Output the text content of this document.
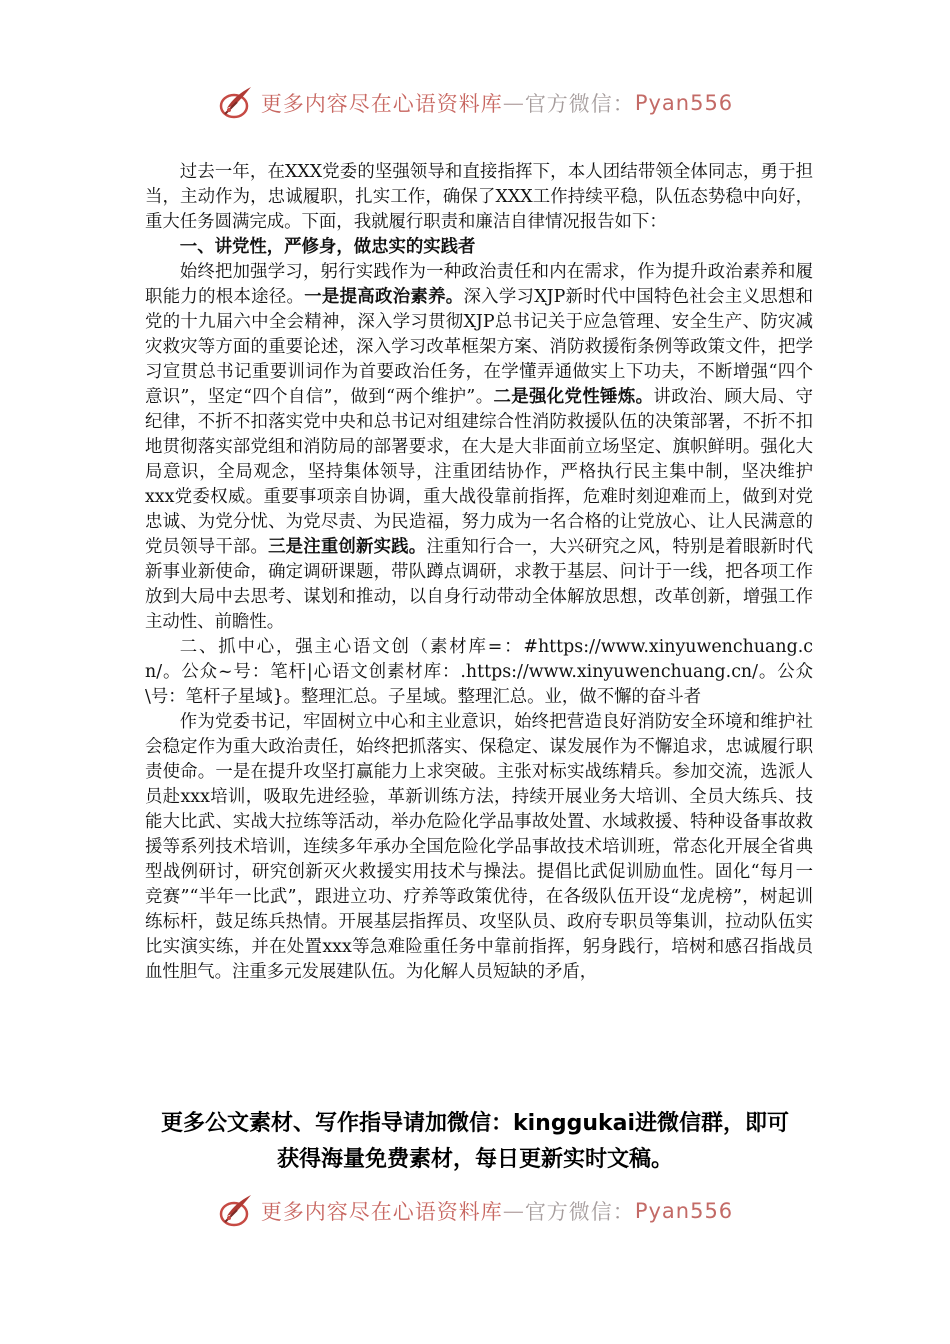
更多内容尽在心语资料库 — 官方微信： Pyan556

过去一年，在XXX党委的坚强领导和直接指挥下，本人团结带领全体同志，勇于担当，主动作为，忠诚履职，扎实工作，确保了XXX工作持续平稳，队伍态势稳中向好，重大任务圆满完成。下面，我就履行职责和廉洁自律情况报告如下：

一、讲党性，严修身，做忠实的实践者

始终把加强学习，躬行实践作为一种政治责任和内在需求，作为提升政治素养和履职能力的根本途径。一是提高政治素养。深入学习XJP新时代中国特色社会主义思想和党的十九届六中全会精神，深入学习贯彻XJP总书记关于应急管理、安全生产、防灾减灾救灾等方面的重要论述，深入学习改革框架方案、消防救援衔条例等政策文件，把学习宣贯总书记重要训词作为首要政治任务，在学懂弄通做实上下功夫，不断增强“四个意识”，坚定“四个自信”，做到“两个维护”。二是强化党性锤炼。讲政治、顾大局、守纪律，不折不扣落实党中央和总书记对组建综合性消防救援队伍的决策部署，不折不扣地贯彻落实部党组和消防局的部署要求，在大是大非面前立场坚定、旗帜鲜明。强化大局意识，全局观念，坚持集体领导，注重团结协作，严格执行民主集中制，坚决维护xxx党委权威。重要事项亲自协调，重大战役靠前指挥，危难时刻迎难而上，做到对党忠诚、为党分忧、为党尽责、为民造福，努力成为一名合格的让党放心、让人民满意的党员领导干部。三是注重创新实践。注重知行合一，大兴研究之风，特别是着眼新时代新事业新使命，确定调研课题，带队蹲点调研，求教于基层、问计于一线，把各项工作放到大局中去思考、谋划和推动，以自身行动带动全体解放思想，改革创新，增强工作主动性、前瞻性。

二、抓中心，强主心语文创（素材库=：#https://www.xinyuwenchuang.cn/。公众~号：笔杆|心语文创素材库：.https://www.xinyuwenchuang.cn/。公众\号：笔杆子星域}。整理汇总。子星域。整理汇总。业，做不懈的奋斗者

作为党委书记，牢固树立中心和主业意识，始终把营造良好消防安全环境和维护社会稳定作为重大政治责任，始终把抓落实、保稳定、谋发展作为不懈追求，忠诚履行职责使命。一是在提升攻坚打赢能力上求突破。主张对标实战练精兵。参加交流，选派人员赴xxx培训，吸取先进经验，革新训练方法，持续开展业务大培训、全员大练兵、技能大比武、实战大拉练等活动，举办危险化学品事故处置、水域救援、特种设备事故救援等系列技术培训，连续多年承办全国危险化学品事故技术培训班，常态化开展全省典型战例研讨，研究创新灭火救援实用技术与操法。提倡比武促训励血性。固化“每月一竞赛”“半年一比武”，跟进立功、疗养等政策优待，在各级队伍开设“龙虎榜”，树起训练标杆，鼓足练兵热情。开展基层指挥员、攻坚队员、政府专职员等集训，拉动队伍实比实演实练，并在处置xxx等急难险重任务中靠前指挥，躬身践行，培树和感召指战员血性胆气。注重多元发展建队伍。为化解人员短缺的矛盾，

更多公文素材、写作指导请加微信：kinggukai进微信群，即可
获得海量免费素材，每日更新实时文稿。
更多内容尽在心语资料库 — 官方微信： Pyan556
